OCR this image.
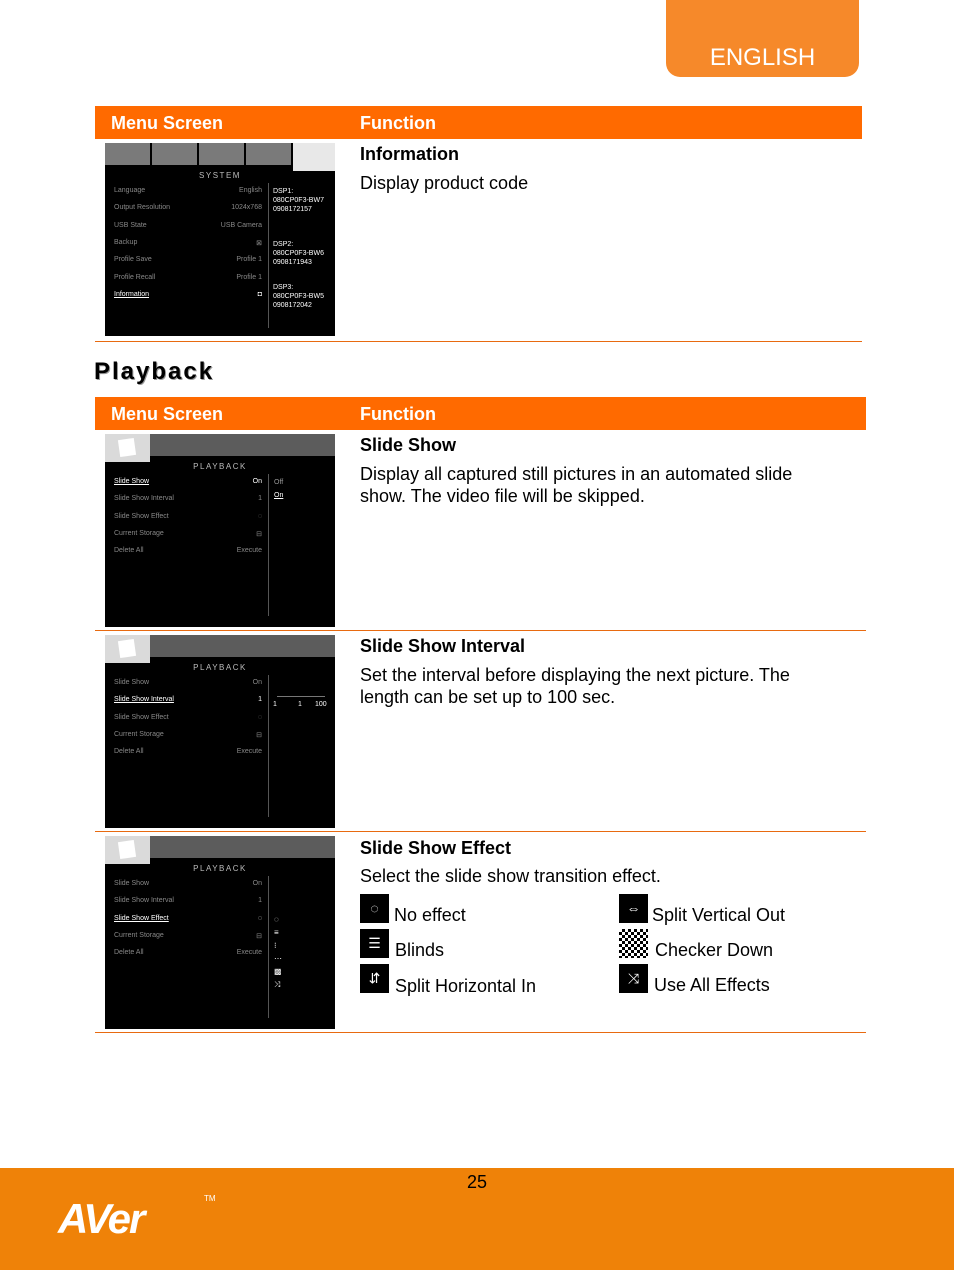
ENGLISH
Menu Screen	Function
SYSTEM
Language	English
Output Resolution	1024x768
USB State	USB Camera
Backup	⊠
Profile Save	Profile 1
Profile Recall	Profile 1
Information	◘
DSP1:
080CP0F3-BW7
0908172157
DSP2:
080CP0F3-BW6
0908171943
DSP3:
080CP0F3-BW5
0908172042
Information
Display product code
Playback
Menu Screen	Function
PLAYBACK
Slide Show	On
Slide Show Interval	1
Slide Show Effect	◌
Current Storage	⊟
Delete All	Execute
Off
On
Slide Show
Display all captured still pictures in an automated slide show. The video file will be skipped.
PLAYBACK
Slide Show	On
Slide Show Interval	1
Slide Show Effect	◌
Current Storage	⊟
Delete All	Execute
1	1 100
Slide Show Interval
Set the interval before displaying the next picture. The length can be set up to 100 sec.
PLAYBACK
Slide Show	On
Slide Show Interval	1
Slide Show Effect	◌
Current Storage	⊟
Delete All	Execute
◌
≡
⁝
⋯
▩
⤨
Slide Show Effect
Select the slide show transition effect.
◌ No effect
☰ Blinds
⇵ Split Horizontal In
⇔ Split Vertical Out
Checker Down
⤨ Use All Effects
25
AVer	TM
